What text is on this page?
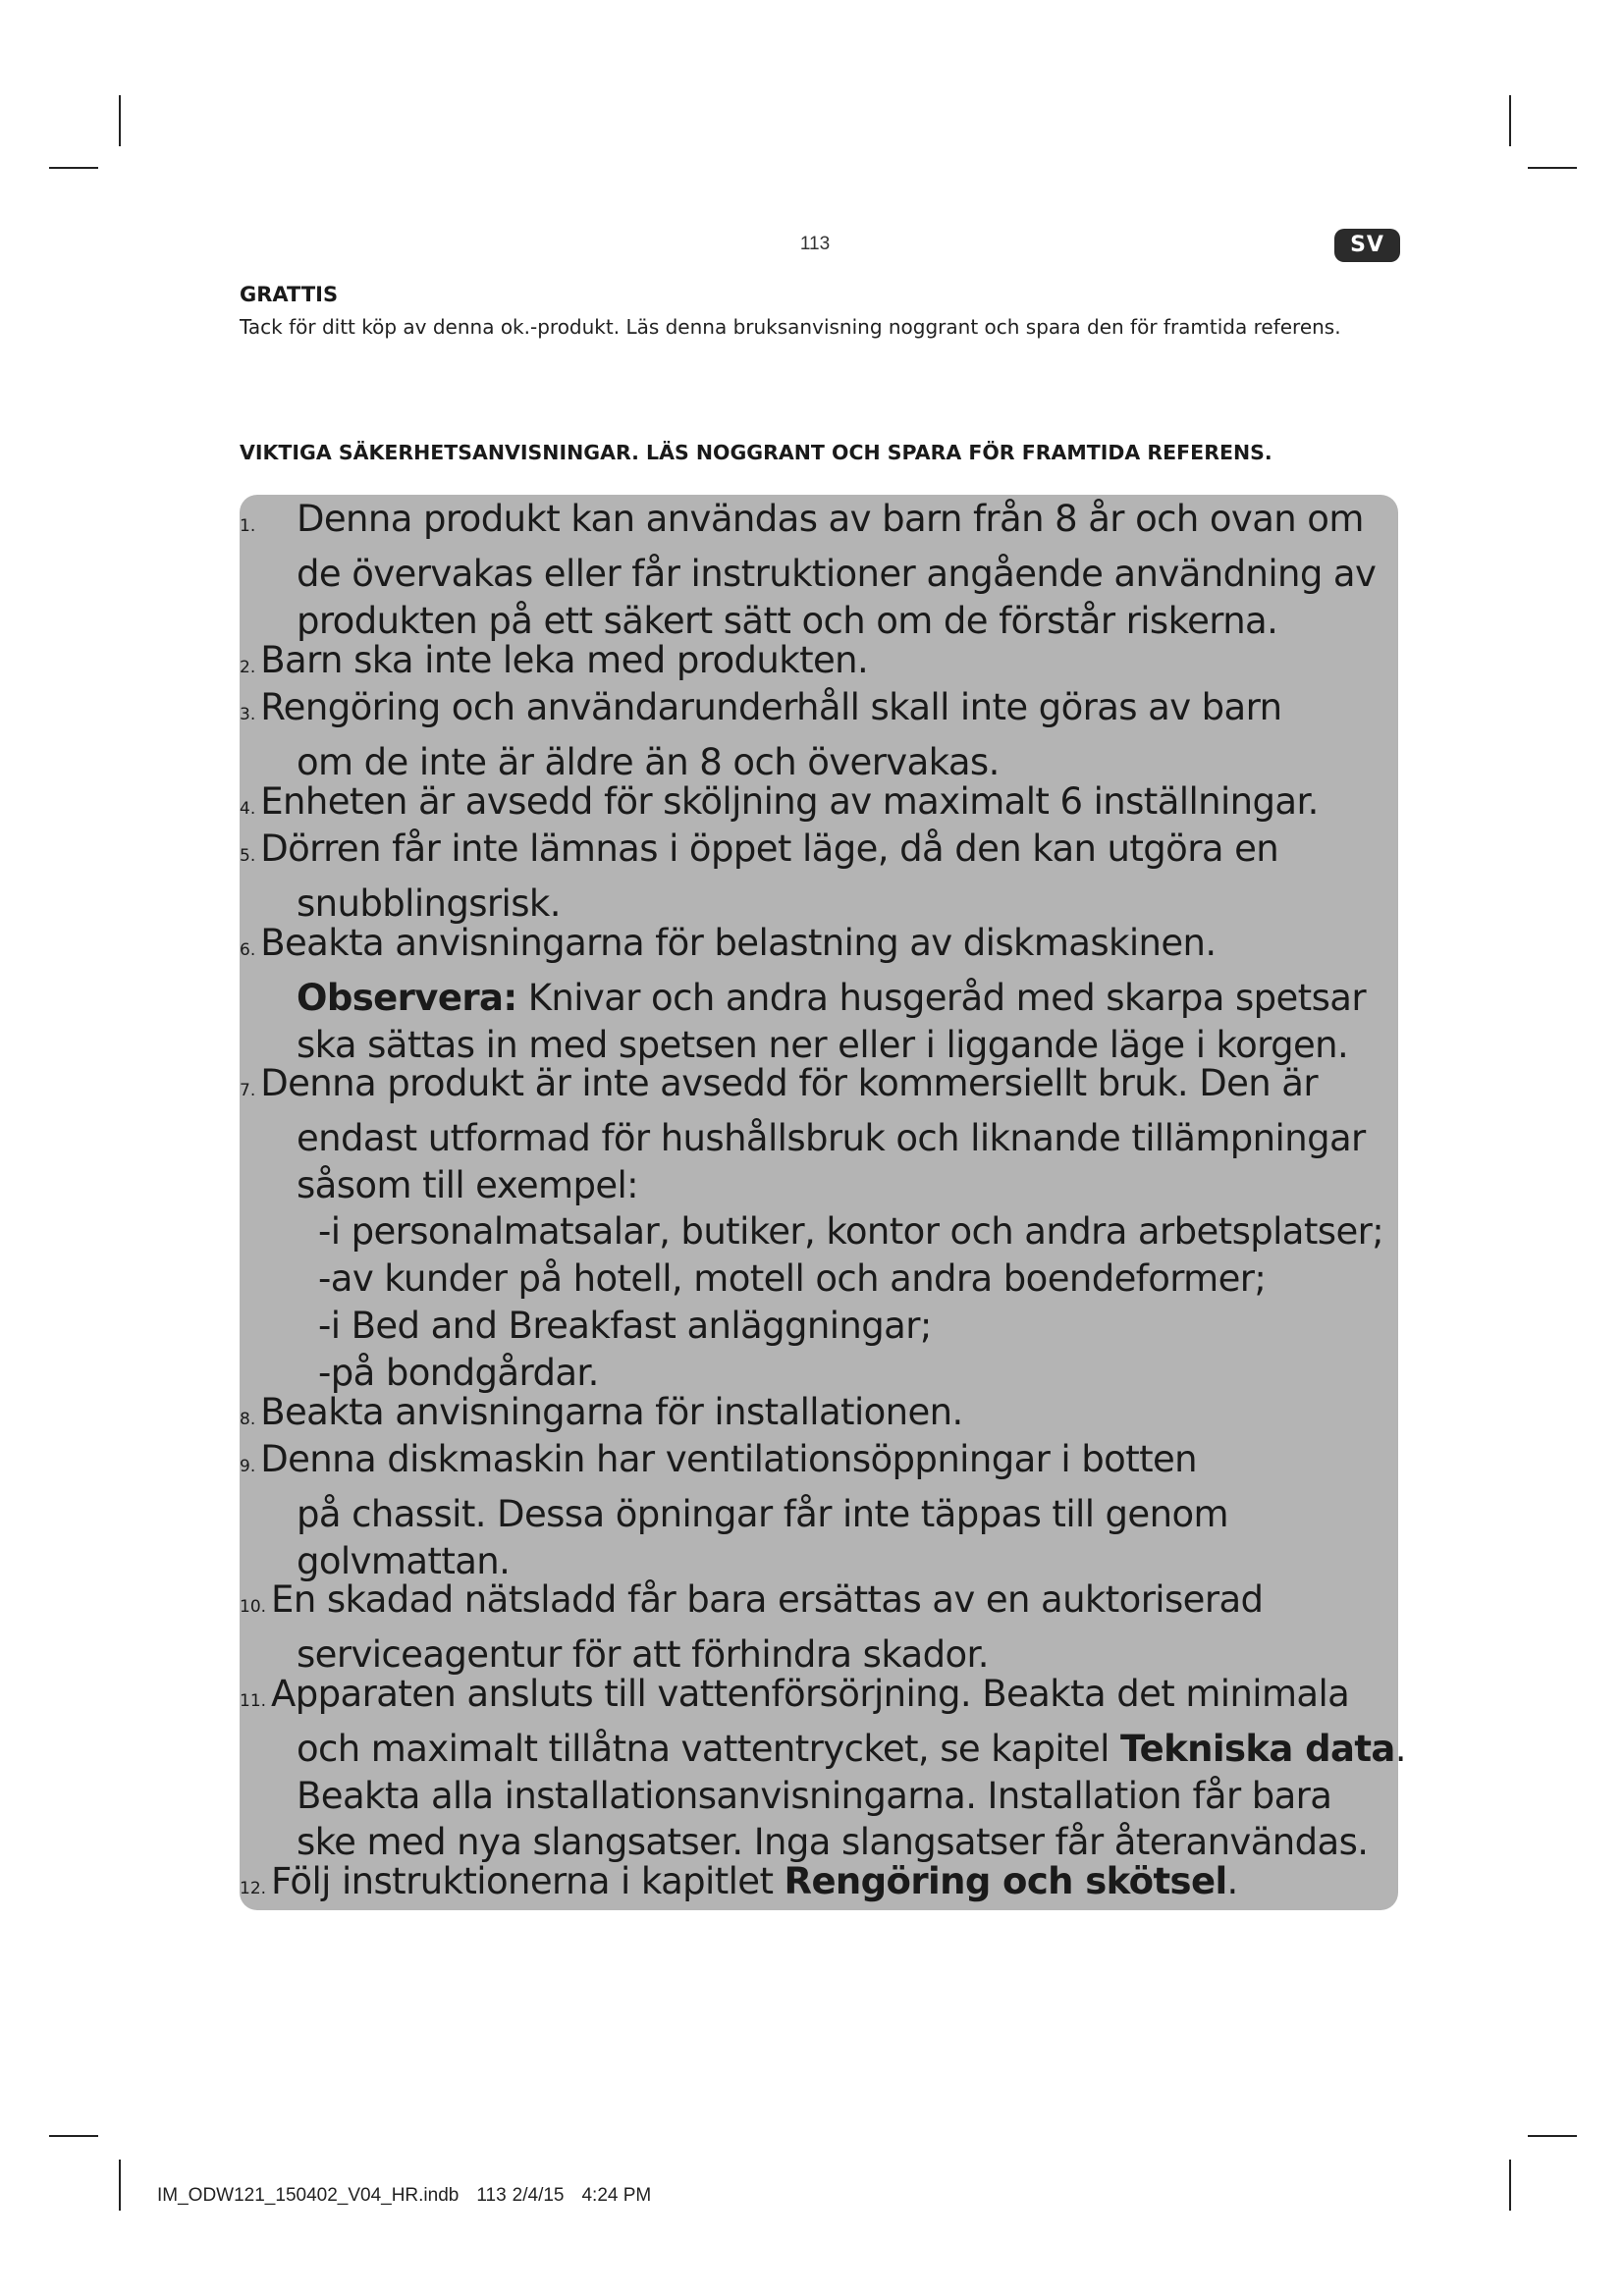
113	SV
GRATTIS
Tack för ditt köp av denna ok.-produkt. Läs denna bruksanvisning noggrant och spara den för framtida referens.
VIKTIGA SÄKERHETSANVISNINGAR. LÄS NOGGRANT OCH SPARA FÖR FRAMTIDA REFERENS.
1. Denna produkt kan användas av barn från 8 år och ovan om
de övervakas eller får instruktioner angående användning av
produkten på ett säkert sätt och om de förstår riskerna.
2. Barn ska inte leka med produkten.
3. Rengöring och användarunderhåll skall inte göras av barn
om de inte är äldre än 8 och övervakas.
4. Enheten är avsedd för sköljning av maximalt 6 inställningar.
5. Dörren får inte lämnas i öppet läge, då den kan utgöra en
snubblingsrisk.
6. Beakta anvisningarna för belastning av diskmaskinen.
Observera: Knivar och andra husgeråd med skarpa spetsar
ska sättas in med spetsen ner eller i liggande läge i korgen.
7. Denna produkt är inte avsedd för kommersiellt bruk. Den är
endast utformad för hushållsbruk och liknande tillämpningar
såsom till exempel:
-i personalmatsalar, butiker, kontor och andra arbetsplatser;
-av kunder på hotell, motell och andra boendeformer;
-i Bed and Breakfast anläggningar;
-på bondgårdar.
8. Beakta anvisningarna för installationen.
9. Denna diskmaskin har ventilationsöppningar i botten
på chassit. Dessa öpningar får inte täppas till genom
golvmattan.
10. En skadad nätsladd får bara ersättas av en auktoriserad
serviceagentur för att förhindra skador.
11. Apparaten ansluts till vattenförsörjning. Beakta det minimala
och maximalt tillåtna vattentrycket, se kapitel Tekniska data.
Beakta alla installationsanvisningarna. Installation får bara
ske med nya slangsatser. Inga slangsatser får återanvändas.
12. Följ instruktionerna i kapitlet Rengöring och skötsel.
IM_ODW121_150402_V04_HR.indb 113 2/4/15 4:24 PM
